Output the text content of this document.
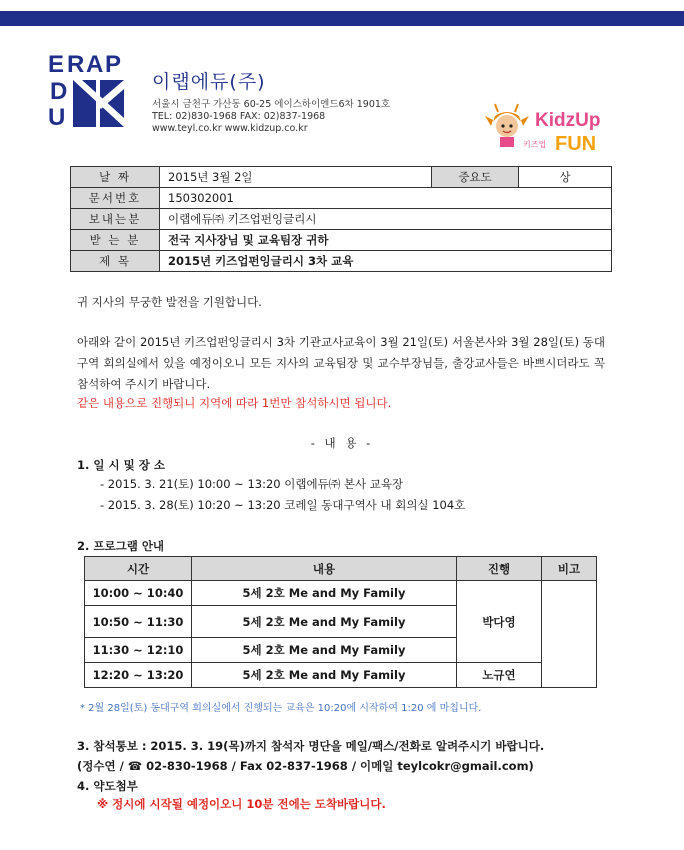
E R A P
D
U
이랩에듀(주)
서울시 금천구 가산동 60-25 에이스하이엔드6차 1901호
TEL: 02)830-1968 FAX: 02)837-1968
www.teyl.co.kr www.kidzup.co.kr	KidzUp
키즈업 FUN
날 짜	2015년 3월 2일	중요도	상
문서번호	150302001		
보내는분	이랩에듀㈜ 키즈업펀잉글리시		
받 는 분	전국 지사장님 및 교육팀장 귀하		
제 목	2015년 키즈업펀잉글리시 3차 교육		
귀 지사의 무궁한 발전을 기원합니다.
아래와 같이 2015년 키즈업펀잉글리시 3차 기관교사교육이 3월 21일(토) 서울본사와 3월 28일(토) 동대구역 회의실에서 있을 예정이오니 모든 지사의 교육팀장 및 교수부장님들, 출강교사들은 바쁘시더라도 꼭 참석하여 주시기 바랍니다.
같은 내용으로 진행되니 지역에 따라 1번만 참석하시면 됩니다.
- 내 용 -
1. 일 시 및 장 소
- 2015. 3. 21(토) 10:00 ~ 13:20 이랩에듀㈜ 본사 교육장
- 2015. 3. 28(토) 10:20 ~ 13:20 코레일 동대구역사 내 회의실 104호
2. 프로그램 안내
시간	내용	진행	비고
10:00 ~ 10:40	5세 2호 Me and My Family	박다영	
10:50 ~ 11:30	5세 2호 Me and My Family		
11:30 ~ 12:10	5세 2호 Me and My Family		
12:20 ~ 13:20	5세 2호 Me and My Family	노규연	
* 2월 28일(토) 동대구역 회의실에서 진행되는 교육은 10:20에 시작하여 1:20 에 마칩니다.
3. 참석통보 : 2015. 3. 19(목)까지 참석자 명단을 메일/팩스/전화로 알려주시기 바랍니다.
(정수연 / ☎ 02-830-1968 / Fax 02-837-1968 / 이메일 teylcokr@gmail.com)
4. 약도첨부
※ 정시에 시작될 예정이오니 10분 전에는 도착바랍니다.
